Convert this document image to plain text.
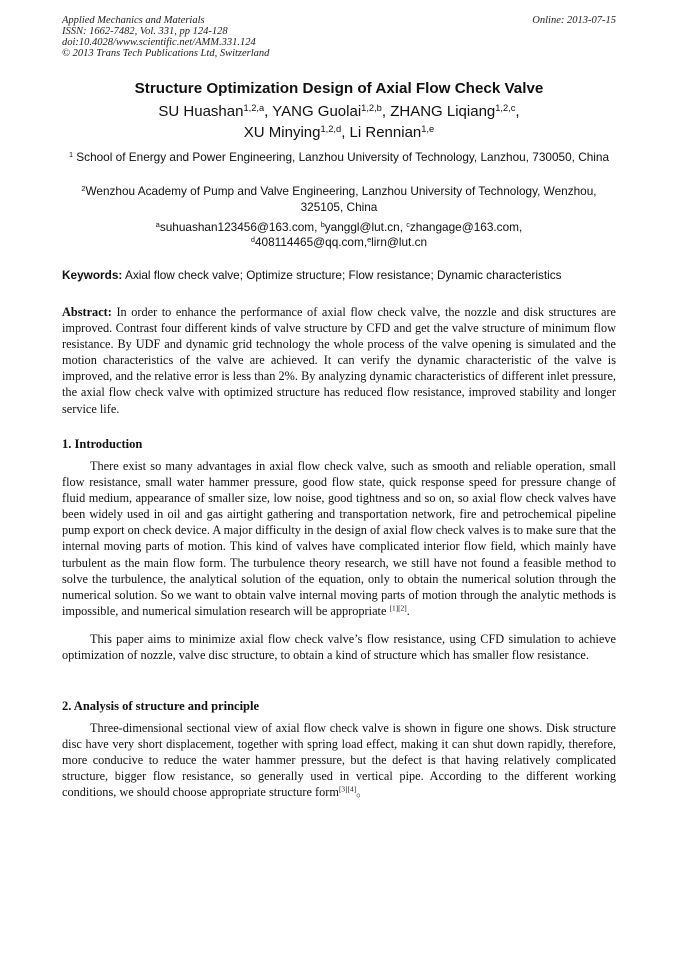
Applied Mechanics and Materials
ISSN: 1662-7482, Vol. 331, pp 124-128
doi:10.4028/www.scientific.net/AMM.331.124
© 2013 Trans Tech Publications Ltd, Switzerland
Online: 2013-07-15
Structure Optimization Design of Axial Flow Check Valve
SU Huashan$^{1,2,a}$, YANG Guolai$^{1,2,b}$, ZHANG Liqiang$^{1,2,c}$,
XU Minying$^{1,2,d}$, Li Rennian$^{1,e}$
$^1$ School of Energy and Power Engineering, Lanzhou University of Technology, Lanzhou, 730050, China
$^2$Wenzhou Academy of Pump and Valve Engineering, Lanzhou University of Technology, Wenzhou, 325105, China
$^a$suhuashan123456@163.com, $^b$yanggl@lut.cn, $^c$zhangage@163.com,
$^d$408114465@qq.com,$^e$lirn@lut.cn
Keywords: Axial flow check valve; Optimize structure; Flow resistance; Dynamic characteristics
Abstract: In order to enhance the performance of axial flow check valve, the nozzle and disk structures are improved. Contrast four different kinds of valve structure by CFD and get the valve structure of minimum flow resistance. By UDF and dynamic grid technology the whole process of the valve opening is simulated and the motion characteristics of the valve are achieved. It can verify the dynamic characteristic of the valve is improved, and the relative error is less than 2%. By analyzing dynamic characteristics of different inlet pressure, the axial flow check valve with optimized structure has reduced flow resistance, improved stability and longer service life.
1. Introduction
There exist so many advantages in axial flow check valve, such as smooth and reliable operation, small flow resistance, small water hammer pressure, good flow state, quick response speed for pressure change of fluid medium, appearance of smaller size, low noise, good tightness and so on, so axial flow check valves have been widely used in oil and gas airtight gathering and transportation network, fire and petrochemical pipeline pump export on check device. A major difficulty in the design of axial flow check valves is to make sure that the internal moving parts of motion. This kind of valves have complicated interior flow field, which mainly have turbulent as the main flow form. The turbulence theory research, we still have not found a feasible method to solve the turbulence, the analytical solution of the equation, only to obtain the numerical solution through the numerical solution. So we want to obtain valve internal moving parts of motion through the analytic methods is impossible, and numerical simulation research will be appropriate [1][2].
This paper aims to minimize axial flow check valve’s flow resistance, using CFD simulation to achieve optimization of nozzle, valve disc structure, to obtain a kind of structure which has smaller flow resistance.
2. Analysis of structure and principle
Three-dimensional sectional view of axial flow check valve is shown in figure one shows. Disk structure disc have very short displacement, together with spring load effect, making it can shut down rapidly, therefore, more conducive to reduce the water hammer pressure, but the defect is that having relatively complicated structure, bigger flow resistance, so generally used in vertical pipe. According to the different working conditions, we should choose appropriate structure form[3][4]。
